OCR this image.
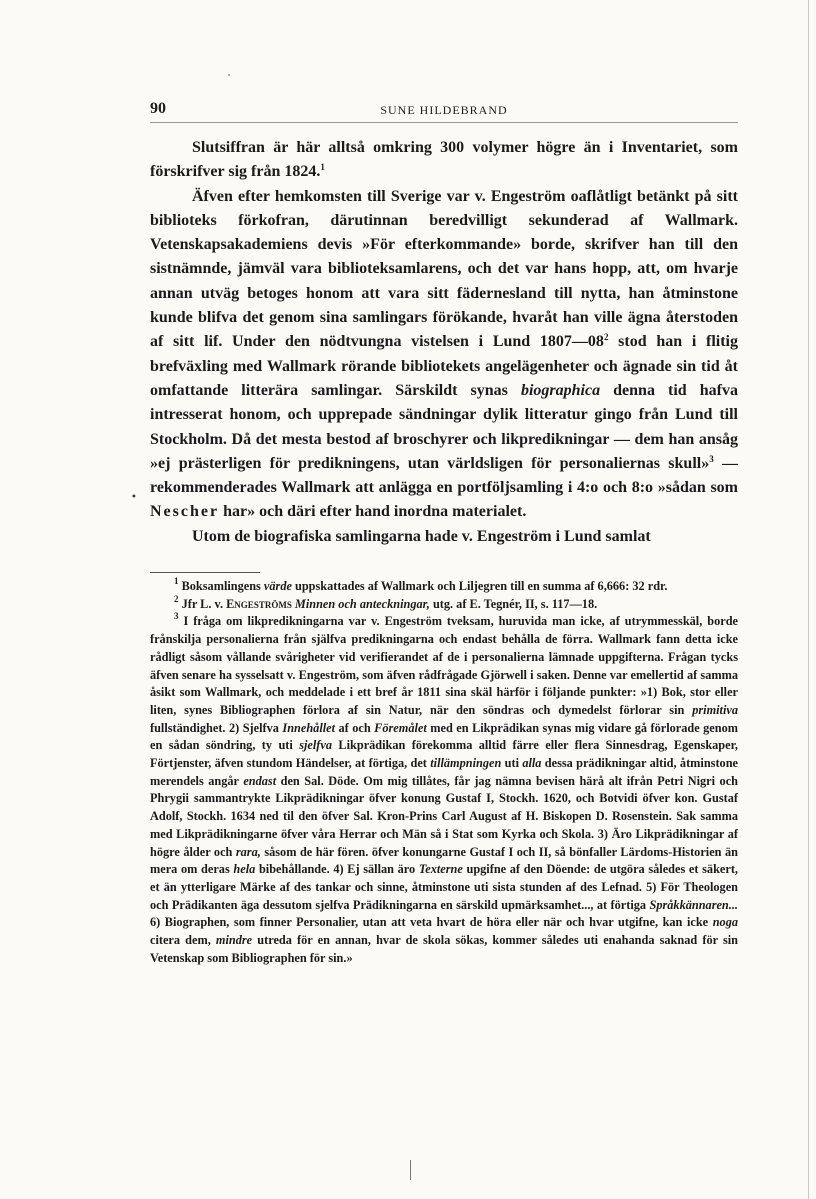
90	SUNE HILDEBRAND
•

Slutsiffran är här alltså omkring 300 volymer högre än i Inventariet, som förskrifver sig från 1824.$^1$

Äfven efter hemkomsten till Sverige var v. Engeström oaflåtligt betänkt på sitt biblioteks förkofran, därutinnan beredvilligt sekunderad af Wallmark. Vetenskapsakademiens devis »För efterkommande» borde, skrifver han till den sistnämnde, jämväl vara biblioteksamlarens, och det var hans hopp, att, om hvarje annan utväg betoges honom att vara sitt fädernesland till nytta, han åtminstone kunde blifva det genom sina samlingars förökande, hvaråt han ville ägna återstoden af sitt lif. Under den nödtvungna vistelsen i Lund $1807—08^2$ stod han i flitig brefväxling med Wallmark rörande bibliotekets angelägenheter och ägnade sin tid åt omfattande litterära samlingar. Särskildt synas biographica denna tid hafva intresserat honom, och upprepade sändningar dylik litteratur gingo från Lund till Stockholm. Då det mesta bestod af broschyrer och likpredikningar — dem han ansåg »ej prästerligen för predikningens, utan världsligen för personaliernas skull»$^3$ — rekommenderades Wallmark att anlägga en portföljsamling i 4:o och 8:o »sådan som Nescher har» och däri efter hand inordna materialet.

Utom de biografiska samlingarna hade v. Engeström i Lund samlat

$^1$ Boksamlingens värde uppskattades af Wallmark och Liljegren till en summa af 6,666: 32 rdr.

$^2$ Jfr L. v. Engeströms Minnen och anteckningar, utg. af E. Tegnér, II, s. 117—18.

$^3$ I fråga om likpredikningarna var v. Engeström tveksam, huruvida man icke, af utrymmesskäl, borde frånskilja personalierna från själfva predikningarna och endast behålla de förra. Wallmark fann detta icke rådligt såsom vållande svårigheter vid verifierandet af de i personalierna lämnade uppgifterna. Frågan tycks äfven senare ha sysselsatt v. Engeström, som äfven rådfrågade Gjörwell i saken. Denne var emellertid af samma åsikt som Wallmark, och meddelade i ett bref år 1811 sina skäl härför i följande punkter: »1) Bok, stor eller liten, synes Bibliographen förlora af sin Natur, när den söndras och dymedelst förlorar sin primitiva fullständighet. 2) Sjelfva Innehållet af och Föremålet med en Likprädikan synas mig vidare gå förlorade genom en sådan söndring, ty uti sjelfva Likprädikan förekomma alltid färre eller flera Sinnesdrag, Egenskaper, Förtjenster, äfven stundom Händelser, at förtiga, det tillämpningen uti alla dessa prädikningar altid, åtminstone merendels angår endast den Sal. Döde. Om mig tillåtes, får jag nämna bevisen härå alt ifrån Petri Nigri och Phrygii sammantrykte Likprädikningar öfver konung Gustaf I, Stockh. 1620, och Botvidi öfver kon. Gustaf Adolf, Stockh. 1634 ned til den öfver Sal. Kron-Prins Carl August af H. Biskopen D. Rosenstein. Sak samma med Likprädikningarne öfver våra Herrar och Män så i Stat som Kyrka och Skola. 3) Äro Likprädikningar af högre ålder och rara, såsom de här fören. öfver konungarne Gustaf I och II, så bönfaller Lärdoms-Historien än mera om deras hela bibehållande. 4) Ej sällan äro Texterne upgifne af den Döende: de utgöra således et säkert, et än ytterligare Märke af des tankar och sinne, åtminstone uti sista stunden af des Lefnad. 5) För Theologen och Prädikanten äga dessutom sjelfva Prädikningarna en särskild upmärksamhet..., at förtiga Språkkännaren... 6) Biographen, som finner Personalier, utan att veta hvart de höra eller när och hvar utgifne, kan icke noga citera dem, mindre utreda för en annan, hvar de skola sökas, kommer således uti enahanda saknad för sin Vetenskap som Bibliographen för sin.»
